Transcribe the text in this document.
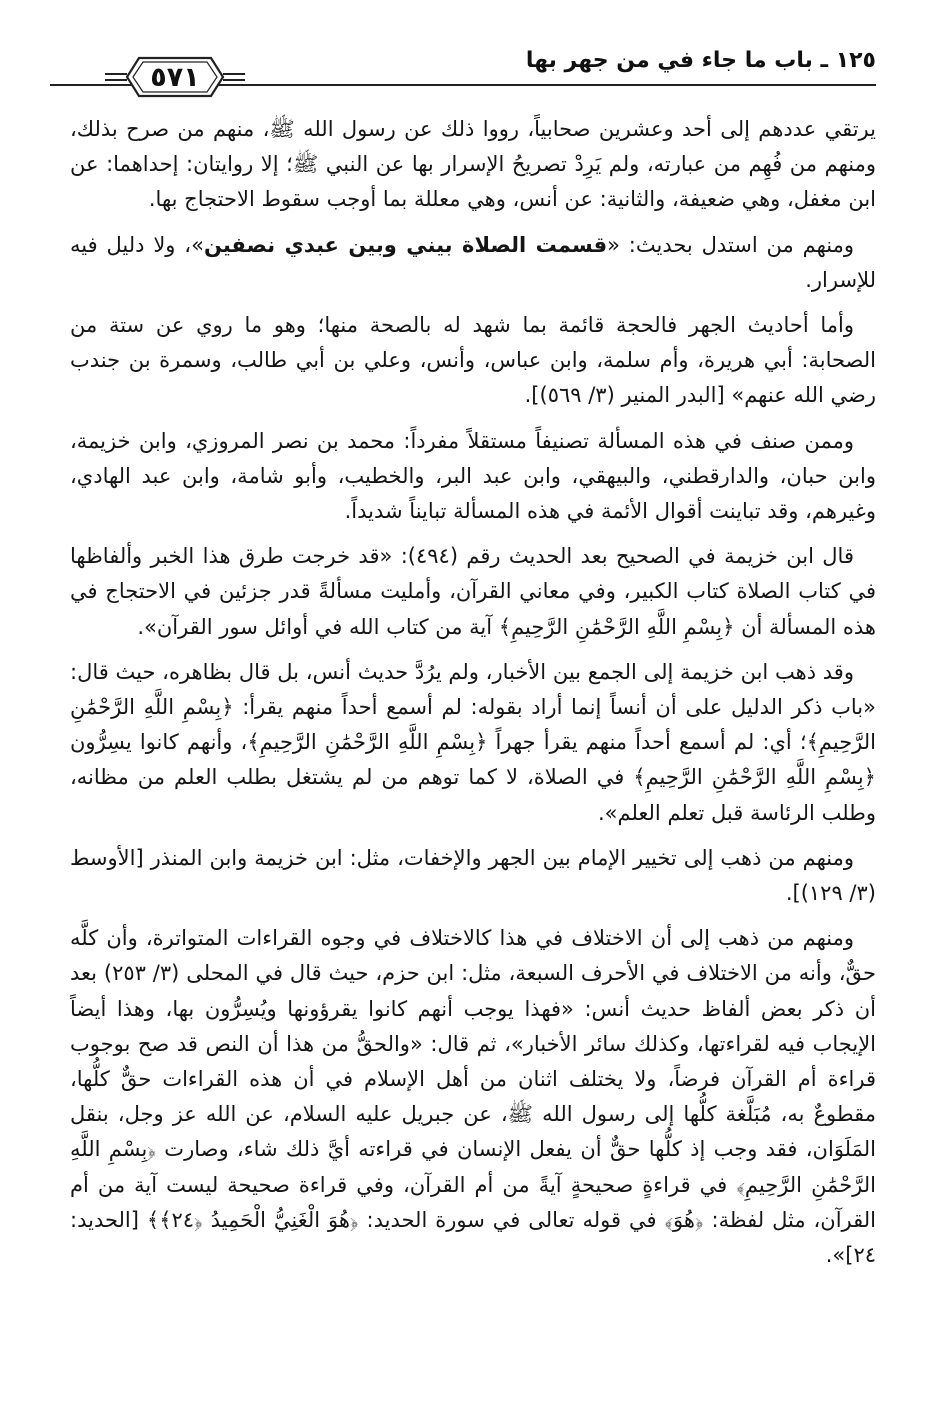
١٢٥ ـ باب ما جاء في من جهر بها
٥٧١

يرتقي عددهم إلى أحد وعشرين صحابياً، رووا ذلك عن رسول الله ﷺ، منهم من صرح بذلك، ومنهم من فُهِم من عبارته، ولم يَرِدْ تصريحُ الإسرار بها عن النبي ﷺ؛ إلا روايتان: إحداهما: عن ابن مغفل، وهي ضعيفة، والثانية: عن أنس، وهي معللة بما أوجب سقوط الاحتجاج بها.

ومنهم من استدل بحديث: «قسمت الصلاة بيني وبين عبدي نصفين»، ولا دليل فيه للإسرار.

وأما أحاديث الجهر فالحجة قائمة بما شهد له بالصحة منها؛ وهو ما روي عن ستة من الصحابة: أبي هريرة، وأم سلمة، وابن عباس، وأنس، وعلي بن أبي طالب، وسمرة بن جندب رضي الله عنهم» [البدر المنير (٣/ ٥٦٩)].

وممن صنف في هذه المسألة تصنيفاً مستقلاً مفرداً: محمد بن نصر المروزي، وابن خزيمة، وابن حبان، والدارقطني، والبيهقي، وابن عبد البر، والخطيب، وأبو شامة، وابن عبد الهادي، وغيرهم، وقد تباينت أقوال الأئمة في هذه المسألة تبايناً شديداً.

قال ابن خزيمة في الصحيح بعد الحديث رقم (٤٩٤): «قد خرجت طرق هذا الخبر وألفاظها في كتاب الصلاة كتاب الكبير، وفي معاني القرآن، وأمليت مسألةً قدر جزئين في الاحتجاج في هذه المسألة أن ﴿بِسْمِ اللَّهِ الرَّحْمَٰنِ الرَّحِيمِ﴾ آية من كتاب الله في أوائل سور القرآن».

وقد ذهب ابن خزيمة إلى الجمع بين الأخبار، ولم يرُدَّ حديث أنس، بل قال بظاهره، حيث قال: «باب ذكر الدليل على أن أنساً إنما أراد بقوله: لم أسمع أحداً منهم يقرأ: ﴿بِسْمِ اللَّهِ الرَّحْمَٰنِ الرَّحِيمِ﴾؛ أي: لم أسمع أحداً منهم يقرأ جهراً ﴿بِسْمِ اللَّهِ الرَّحْمَٰنِ الرَّحِيمِ﴾، وأنهم كانوا يسِرُّون ﴿بِسْمِ اللَّهِ الرَّحْمَٰنِ الرَّحِيمِ﴾ في الصلاة، لا كما توهم من لم يشتغل بطلب العلم من مظانه، وطلب الرئاسة قبل تعلم العلم».

ومنهم من ذهب إلى تخيير الإمام بين الجهر والإخفات، مثل: ابن خزيمة وابن المنذر [الأوسط (٣/ ١٢٩)].

ومنهم من ذهب إلى أن الاختلاف في هذا كالاختلاف في وجوه القراءات المتواترة، وأن كلَّه حقٌّ، وأنه من الاختلاف في الأحرف السبعة، مثل: ابن حزم، حيث قال في المحلى (٣/ ٢٥٣) بعد أن ذكر بعض ألفاظ حديث أنس: «فهذا يوجب أنهم كانوا يقرؤونها ويُسِرُّون بها، وهذا أيضاً الإيجاب فيه لقراءتها، وكذلك سائر الأخبار»، ثم قال: «والحقُّ من هذا أن النص قد صح بوجوب قراءة أم القرآن فرضاً، ولا يختلف اثنان من أهل الإسلام في أن هذه القراءات حقٌّ كلُّها، مقطوعٌ به، مُبَلَّغة كلُّها إلى رسول الله ﷺ، عن جبريل عليه السلام، عن الله عز وجل، بنقل المَلَوَان، فقد وجب إذ كلُّها حقٌّ أن يفعل الإنسان في قراءته أيَّ ذلك شاء، وصارت ﴿بِسْمِ اللَّهِ الرَّحْمَٰنِ الرَّحِيمِ﴾ في قراءةٍ صحيحةٍ آيةً من أم القرآن، وفي قراءة صحيحة ليست آية من أم القرآن، مثل لفظة: ﴿هُوَ﴾ في قوله تعالى في سورة الحديد: ﴿هُوَ الْغَنِيُّ الْحَمِيدُ ﴿٢٤﴾﴾ [الحديد: ٢٤]».
